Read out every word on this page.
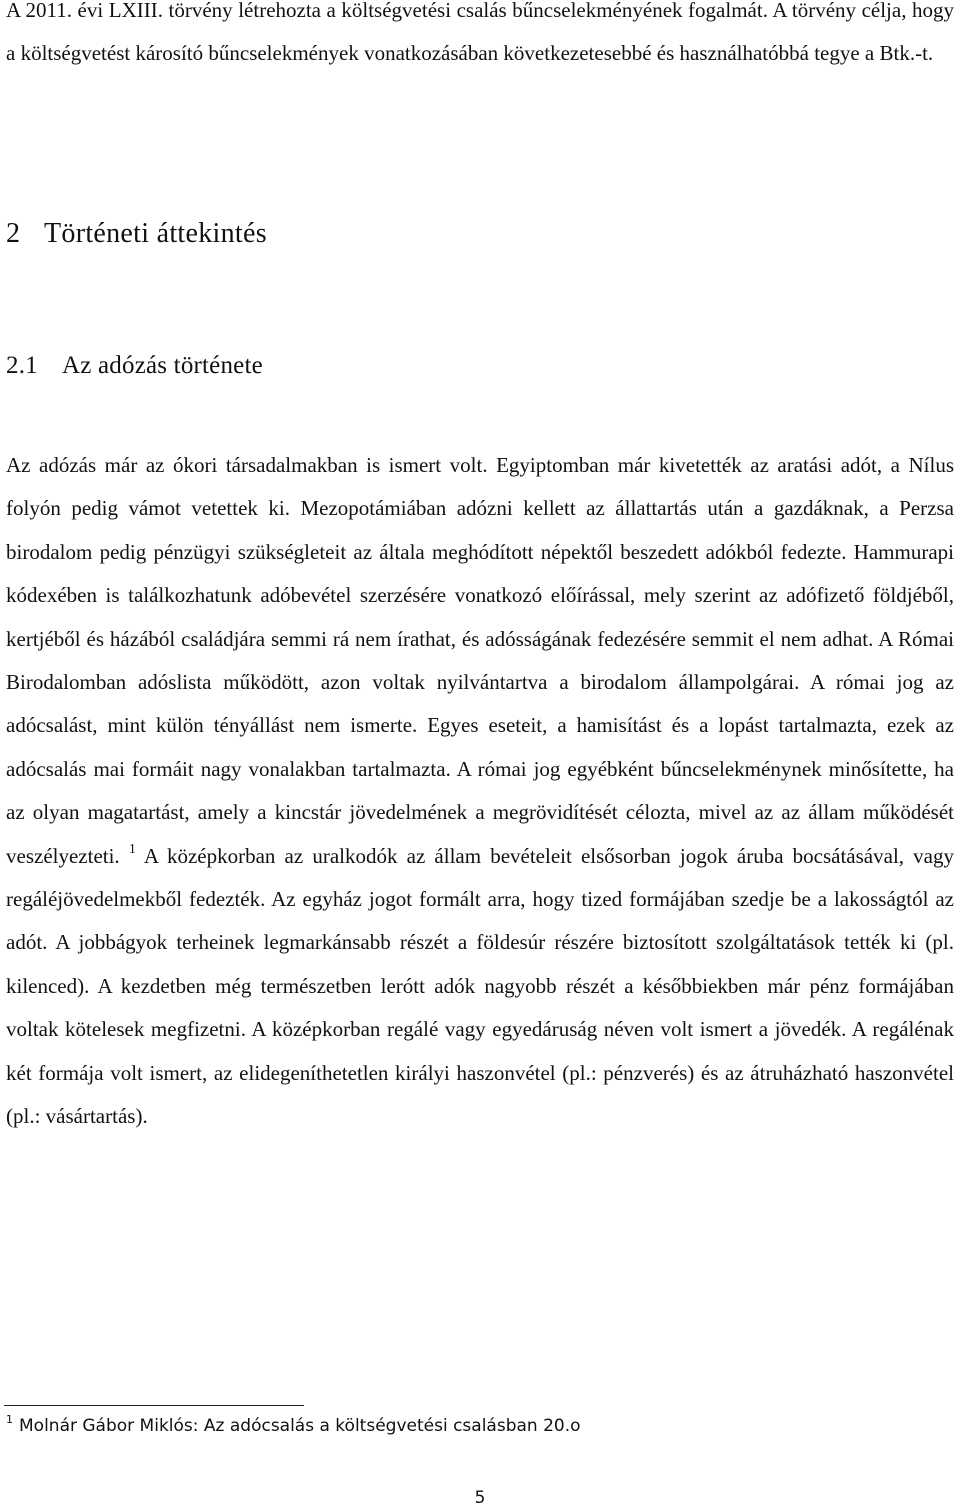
A 2011. évi LXIII. törvény létrehozta a költségvetési csalás bűncselekményének fogalmát. A törvény célja, hogy a költségvetést károsító bűncselekmények vonatkozásában következetesebbé és használhatóbbá tegye a Btk.-t.

2 Történeti áttekintés
2.1 Az adózás története

Az adózás már az ókori társadalmakban is ismert volt. Egyiptomban már kivetették az aratási adót, a Nílus folyón pedig vámot vetettek ki. Mezopotámiában adózni kellett az állattartás után a gazdáknak, a Perzsa birodalom pedig pénzügyi szükségleteit az általa meghódított népektől beszedett adókból fedezte. Hammurapi kódexében is találkozhatunk adóbevétel szerzésére vonatkozó előírással, mely szerint az adófizető földjéből, kertjéből és házából családjára semmi rá nem írathat, és adósságának fedezésére semmit el nem adhat. A Római Birodalomban adóslista működött, azon voltak nyilvántartva a birodalom állampolgárai. A római jog az adócsalást, mint külön tényállást nem ismerte. Egyes eseteit, a hamisítást és a lopást tartalmazta, ezek az adócsalás mai formáit nagy vonalakban tartalmazta. A római jog egyébként bűncselekménynek minősítette, ha az olyan magatartást, amely a kincstár jövedelmének a megrövidítését célozta, mivel az az állam működését veszélyezteti. $^1$ A középkorban az uralkodók az állam bevételeit elsősorban jogok áruba bocsátásával, vagy regáléjövedelmekből fedezték. Az egyház jogot formált arra, hogy tized formájában szedje be a lakosságtól az adót. A jobbágyok terheinek legmarkánsabb részét a földesúr részére biztosított szolgáltatások tették ki (pl. kilenced). A kezdetben még természetben lerótt adók nagyobb részét a későbbiekben már pénz formájában voltak kötelesek megfizetni. A középkorban regálé vagy egyedáruság néven volt ismert a jövedék. A regálénak két formája volt ismert, az elidegeníthetetlen királyi haszonvétel (pl.: pénzverés) és az átruházható haszonvétel (pl.: vásártartás).

$^1$ Molnár Gábor Miklós: Az adócsalás a költségvetési csalásban 20.o
5
